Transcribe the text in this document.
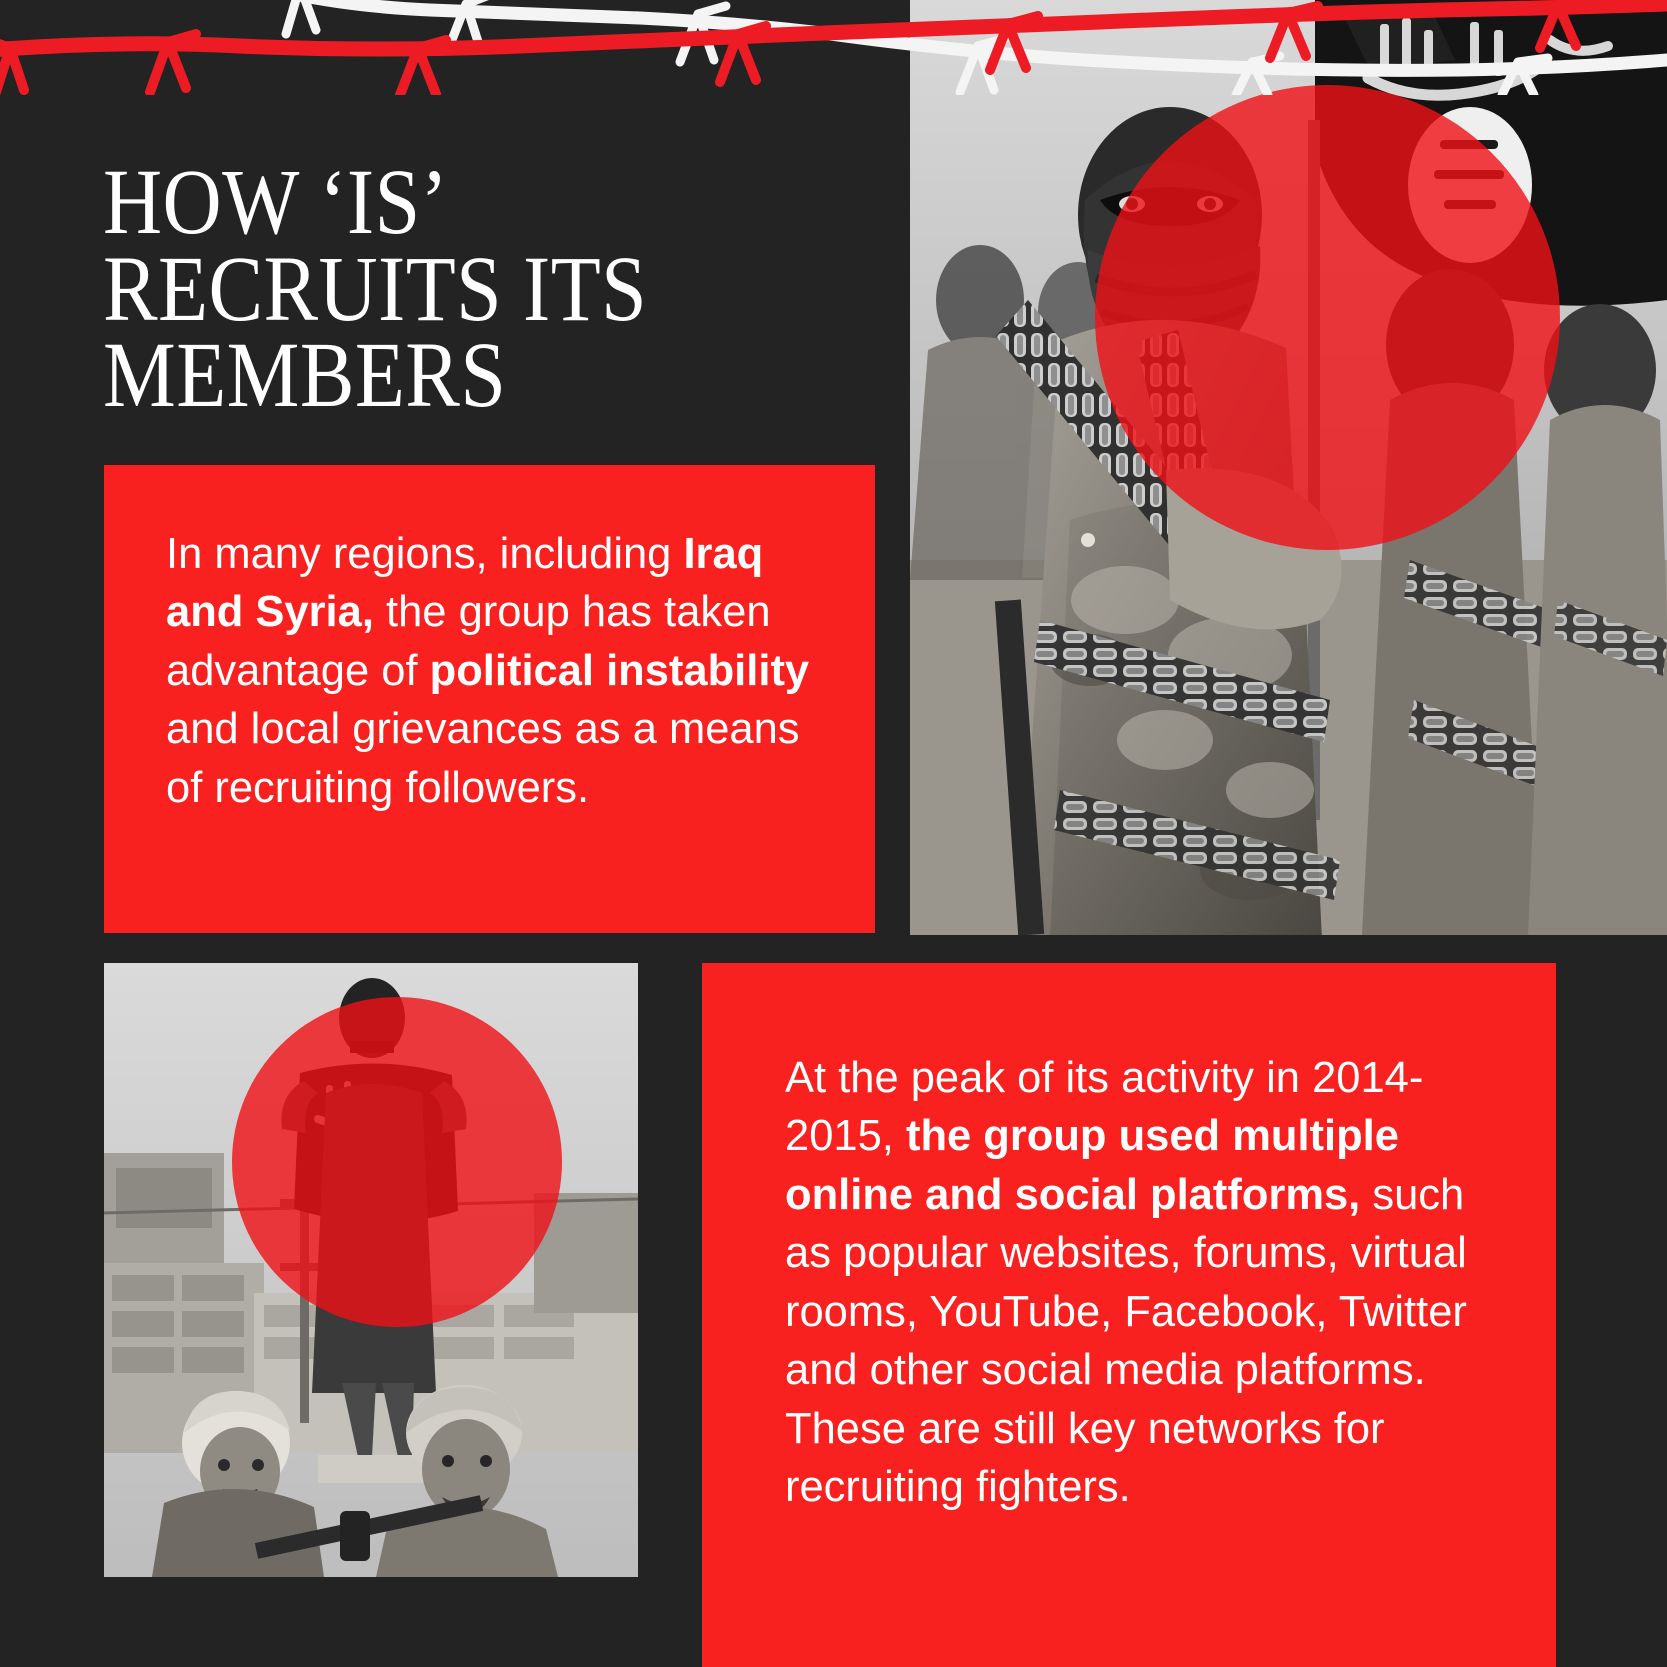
HOW ‘IS’
RECRUITS ITS
MEMBERS

In many regions, including Iraq and Syria, the group has taken advantage of political instability and local grievances as a means of recruiting followers.

At the peak of its activity in 2014-2015, the group used multiple online and social platforms, such as popular websites, forums, virtual rooms, YouTube, Facebook, Twitter and other social media platforms. These are still key networks for recruiting fighters.
